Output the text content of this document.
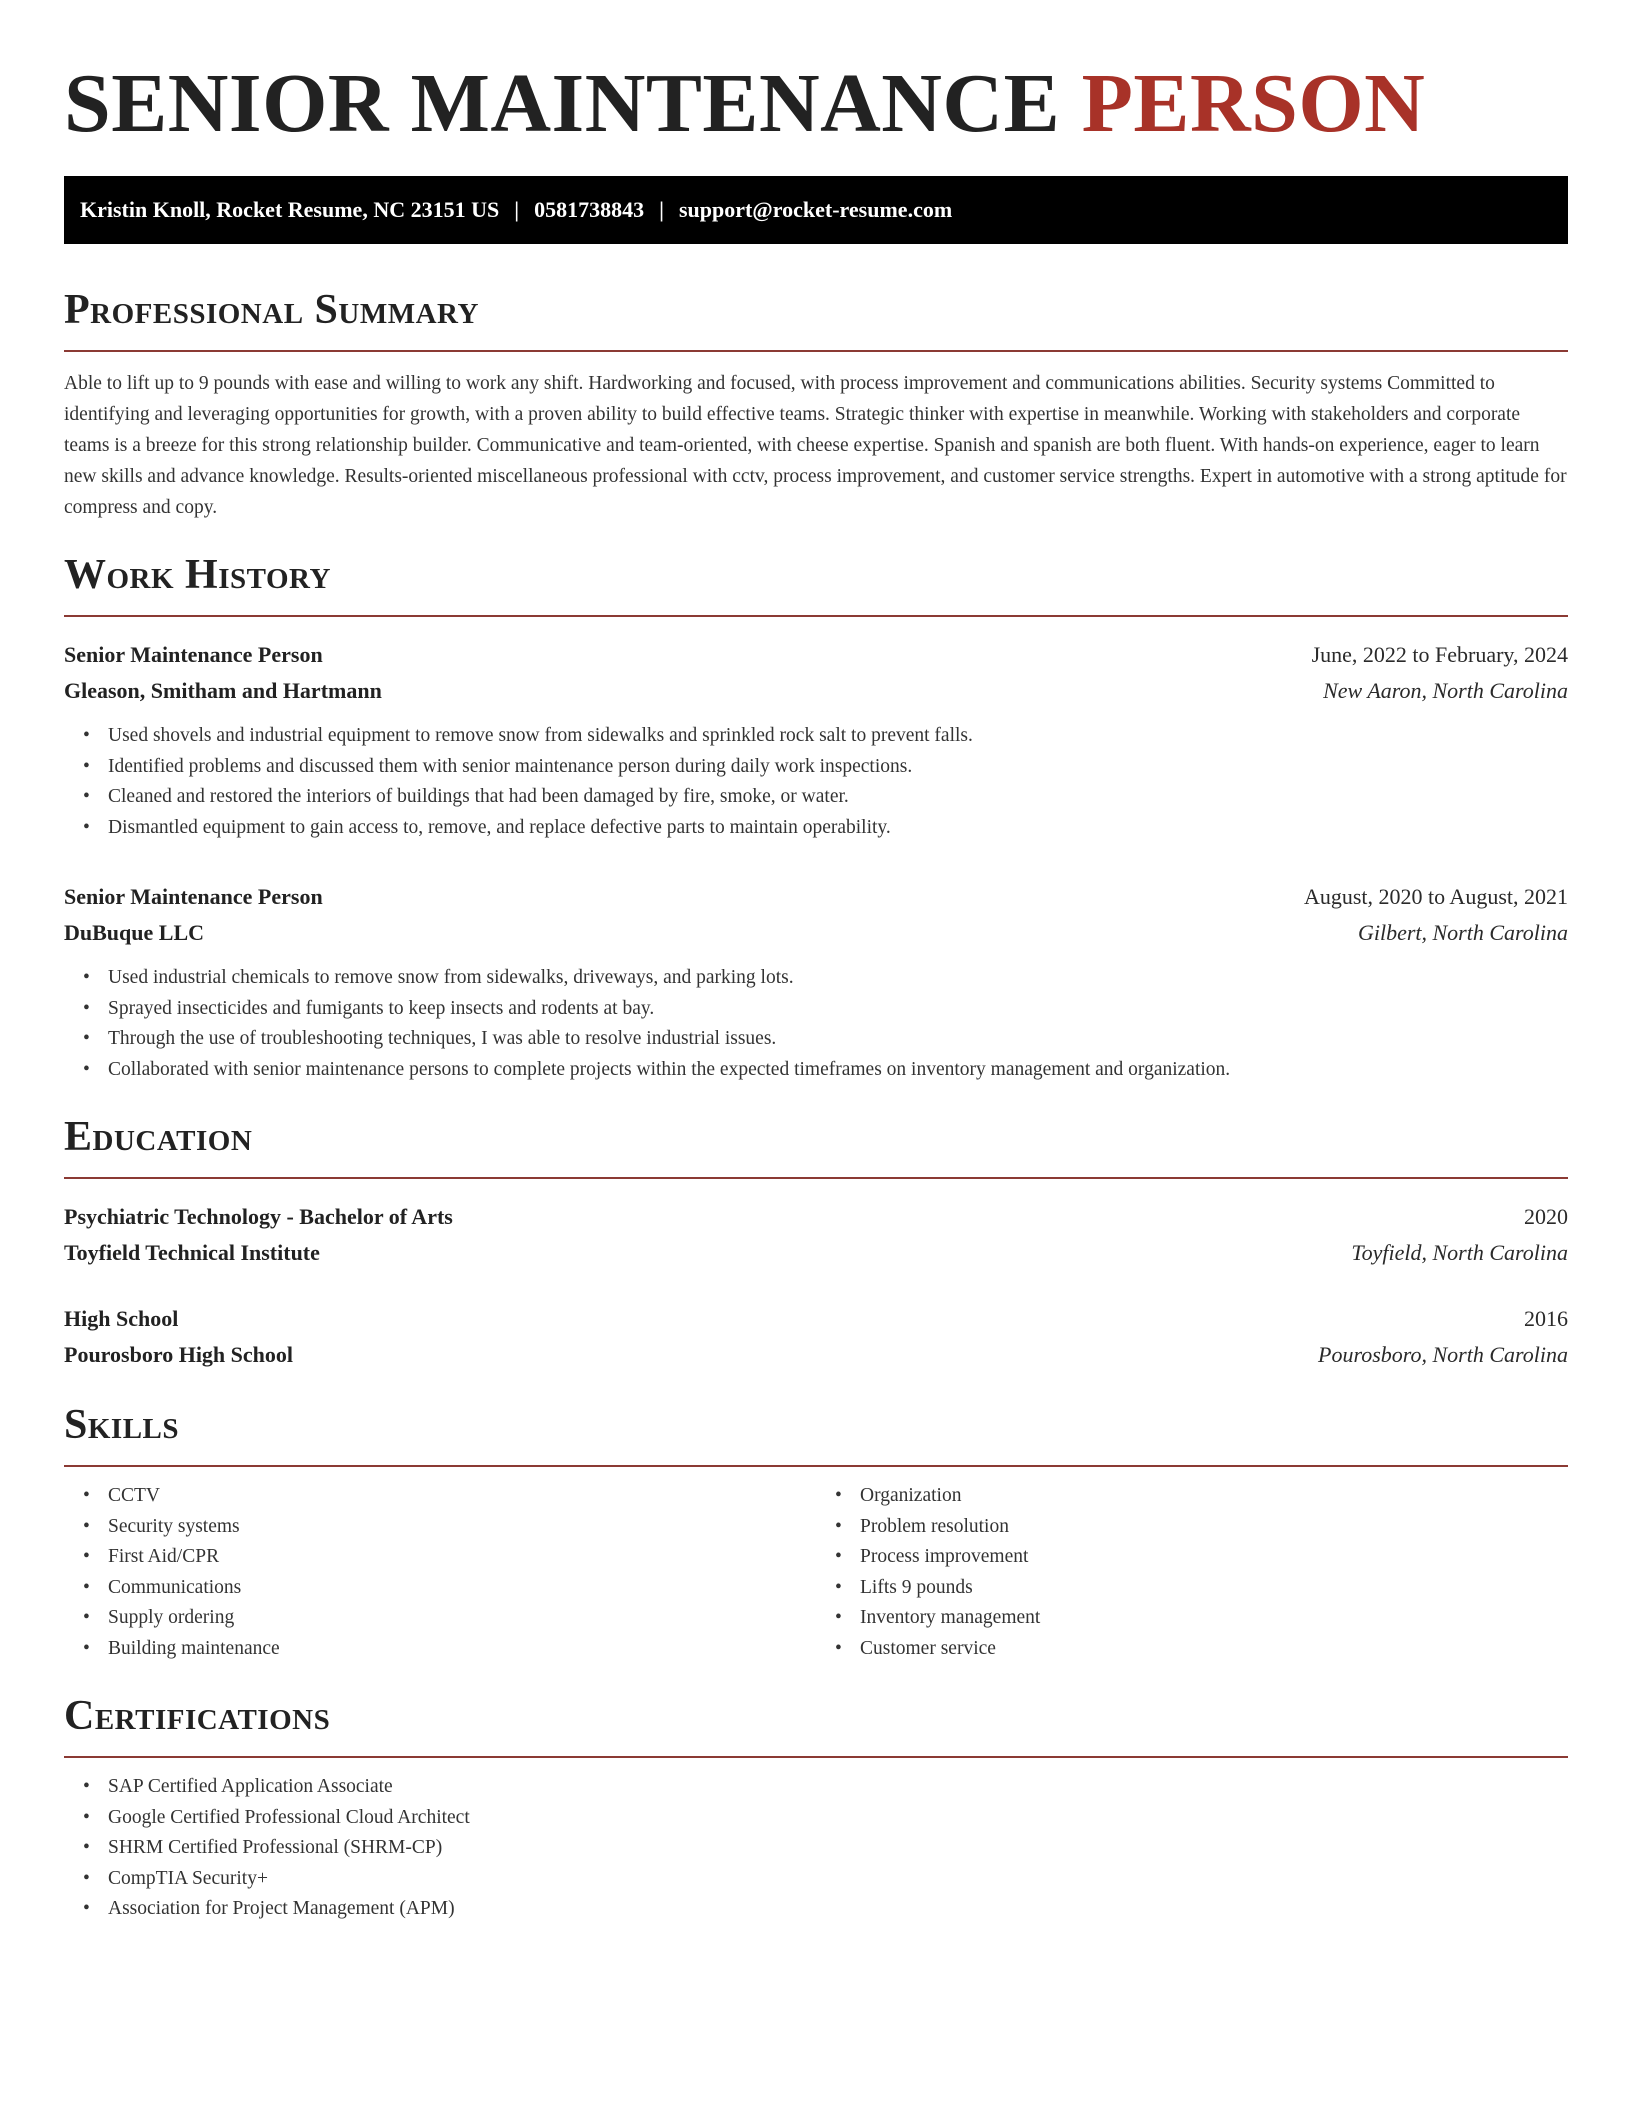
SENIOR MAINTENANCE PERSON
Kristin Knoll, Rocket Resume, NC 23151 US | 0581738843 | support@rocket-resume.com
Professional Summary

Able to lift up to 9 pounds with ease and willing to work any shift. Hardworking and focused, with process improvement and communications abilities. Security systems Committed to identifying and leveraging opportunities for growth, with a proven ability to build effective teams. Strategic thinker with expertise in meanwhile. Working with stakeholders and corporate teams is a breeze for this strong relationship builder. Communicative and team-oriented, with cheese expertise. Spanish and spanish are both fluent. With hands-on experience, eager to learn new skills and advance knowledge. Results-oriented miscellaneous professional with cctv, process improvement, and customer service strengths. Expert in automotive with a strong aptitude for compress and copy.

Work History
Senior Maintenance Person	June, 2022 to February, 2024
Gleason, Smitham and Hartmann	New Aaron, North Carolina
• Used shovels and industrial equipment to remove snow from sidewalks and sprinkled rock salt to prevent falls.
• Identified problems and discussed them with senior maintenance person during daily work inspections.
• Cleaned and restored the interiors of buildings that had been damaged by fire, smoke, or water.
• Dismantled equipment to gain access to, remove, and replace defective parts to maintain operability.
Senior Maintenance Person	August, 2020 to August, 2021
DuBuque LLC	Gilbert, North Carolina
• Used industrial chemicals to remove snow from sidewalks, driveways, and parking lots.
• Sprayed insecticides and fumigants to keep insects and rodents at bay.
• Through the use of troubleshooting techniques, I was able to resolve industrial issues.
• Collaborated with senior maintenance persons to complete projects within the expected timeframes on inventory management and organization.
Education
Psychiatric Technology - Bachelor of Arts	2020
Toyfield Technical Institute	Toyfield, North Carolina
High School	2016
Pourosboro High School	Pourosboro, North Carolina
Skills
• CCTV
• Security systems
• First Aid/CPR
• Communications
• Supply ordering
• Building maintenance
• Organization
• Problem resolution
• Process improvement
• Lifts 9 pounds
• Inventory management
• Customer service
Certifications
• SAP Certified Application Associate
• Google Certified Professional Cloud Architect
• SHRM Certified Professional (SHRM-CP)
• CompTIA Security+
• Association for Project Management (APM)
